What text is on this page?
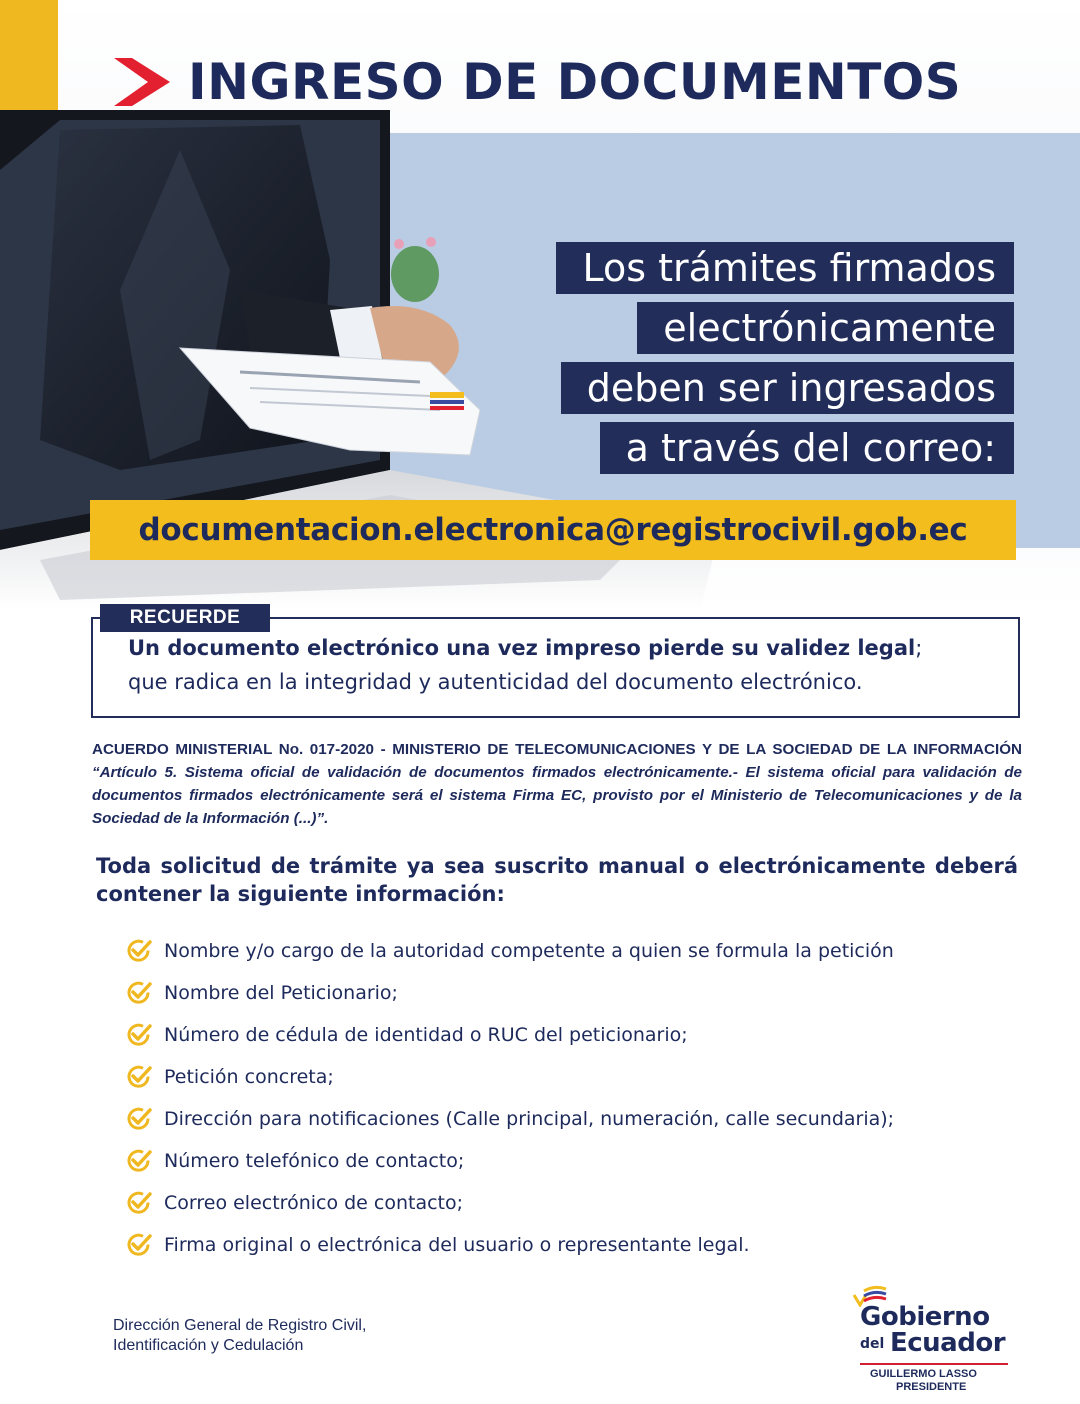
INGRESO DE DOCUMENTOS
Los trámites firmados
electrónicamente
deben ser ingresados
a través del correo:
documentacion.electronica@registrocivil.gob.ec
RECUERDE
Un documento electrónico una vez impreso pierde su validez legal;
que radica en la integridad y autenticidad del documento electrónico.
ACUERDO MINISTERIAL No. 017-2020 - MINISTERIO DE TELECOMUNICACIONES Y DE LA SOCIEDAD DE LA INFORMACIÓN “Artículo 5. Sistema oficial de validación de documentos firmados electrónicamente.- El sistema oficial para validación de documentos firmados electrónicamente será el sistema Firma EC, provisto por el Ministerio de Telecomunicaciones y de la Sociedad de la Información (...)”.
Toda solicitud de trámite ya sea suscrito manual o electrónicamente deberá contener la siguiente información:
Nombre y/o cargo de la autoridad competente a quien se formula la petición
Nombre del Peticionario;
Número de cédula de identidad o RUC del peticionario;
Petición concreta;
Dirección para notificaciones (Calle principal, numeración, calle secundaria);
Número telefónico de contacto;
Correo electrónico de contacto;
Firma original o electrónica del usuario o representante legal.
Dirección General de Registro Civil,
Identificación y Cedulación
Gobierno
del Ecuador
GUILLERMO LASSO
PRESIDENTE
